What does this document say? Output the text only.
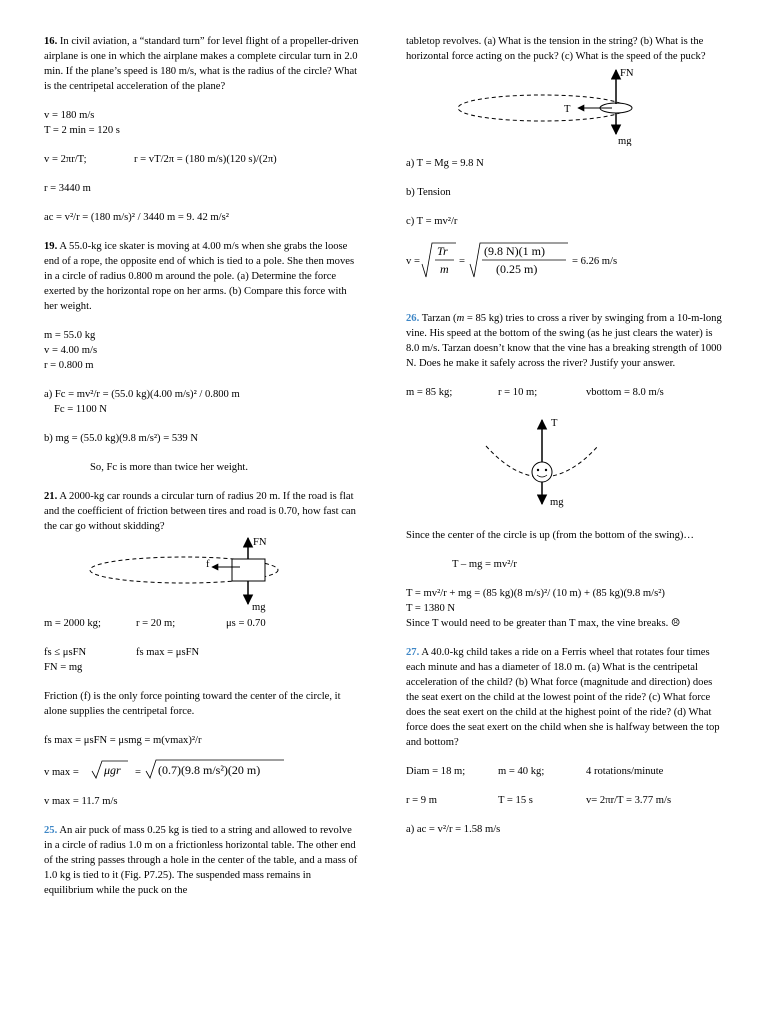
16. In civil aviation, a “standard turn” for level flight of a propeller-driven airplane is one in which the airplane makes a complete circular turn in 2.0 min. If the plane’s speed is 180 m/s, what is the radius of the circle? What is the centripetal acceleration of the plane?

v = 180 m/s

T = 2 min = 120 s

v = 2πr/T;	r = vT/2π = (180 m/s)(120 s)/(2π)

r = 3440 m

ac = v²/r = (180 m/s)² / 3440 m = 9. 42 m/s²

19. A 55.0-kg ice skater is moving at 4.00 m/s when she grabs the loose end of a rope, the opposite end of which is tied to a pole. She then moves in a circle of radius 0.800 m around the pole. (a) Determine the force exerted by the horizontal rope on her arms. (b) Compare this force with her weight.

m = 55.0 kg

v = 4.00 m/s

r = 0.800 m

a) Fc = mv²/r = (55.0 kg)(4.00 m/s)² / 0.800 m

Fc = 1100 N

b) mg = (55.0 kg)(9.8 m/s²) = 539 N

So, Fc is more than twice her weight.

21. A 2000-kg car rounds a circular turn of radius 20 m. If the road is flat and the coefficient of friction between tires and road is 0.70, how fast can the car go without skidding?

FN
f
mg
m = 2000 kg;	r = 20 m;	μs = 0.70
fs ≤ μsFN	fs max = μsFN

FN = mg

Friction (f) is the only force pointing toward the center of the circle, it alone supplies the centripetal force.

fs max = μsFN = μsmg = m(vmax)²/r

v max = μgr = (0.7)(9.8 m/s²)(20 m)

v max = 11.7 m/s

25. An air puck of mass 0.25 kg is tied to a string and allowed to revolve in a circle of radius 1.0 m on a frictionless horizontal table. The other end of the string passes through a hole in the center of the table, and a mass of 1.0 kg is tied to it (Fig. P7.25). The suspended mass remains in equilibrium while the puck on the

tabletop revolves. (a) What is the tension in the string? (b) What is the horizontal force acting on the puck? (c) What is the speed of the puck?

FN
T
mg

a) T = Mg = 9.8 N

b) Tension

c) T = mv²/r

v =
Tr
m
=
(9.8 N)(1 m)
(0.25 m)
= 6.26 m/s

26. Tarzan (m = 85 kg) tries to cross a river by swinging from a 10-m-long vine. His speed at the bottom of the swing (as he just clears the water) is 8.0 m/s. Tarzan doesn’t know that the vine has a breaking strength of 1000 N. Does he make it safely across the river? Justify your answer.

m = 85 kg;	r = 10 m;	vbottom = 8.0 m/s
T
mg

Since the center of the circle is up (from the bottom of the swing)…

T – mg = mv²/r

T = mv²/r + mg = (85 kg)(8 m/s)²/ (10 m) + (85 kg)(9.8 m/s²)

T = 1380 N

Since T would need to be greater than T max, the vine breaks. ☹

27. A 40.0-kg child takes a ride on a Ferris wheel that rotates four times each minute and has a diameter of 18.0 m. (a) What is the centripetal acceleration of the child? (b) What force (magnitude and direction) does the seat exert on the child at the lowest point of the ride? (c) What force does the seat exert on the child at the highest point of the ride? (d) What force does the seat exert on the child when she is halfway between the top and bottom?

Diam = 18 m;	m = 40 kg;	4 rotations/minute
r = 9 m	T = 15 s	v= 2πr/T = 3.77 m/s

a) ac = v²/r = 1.58 m/s
